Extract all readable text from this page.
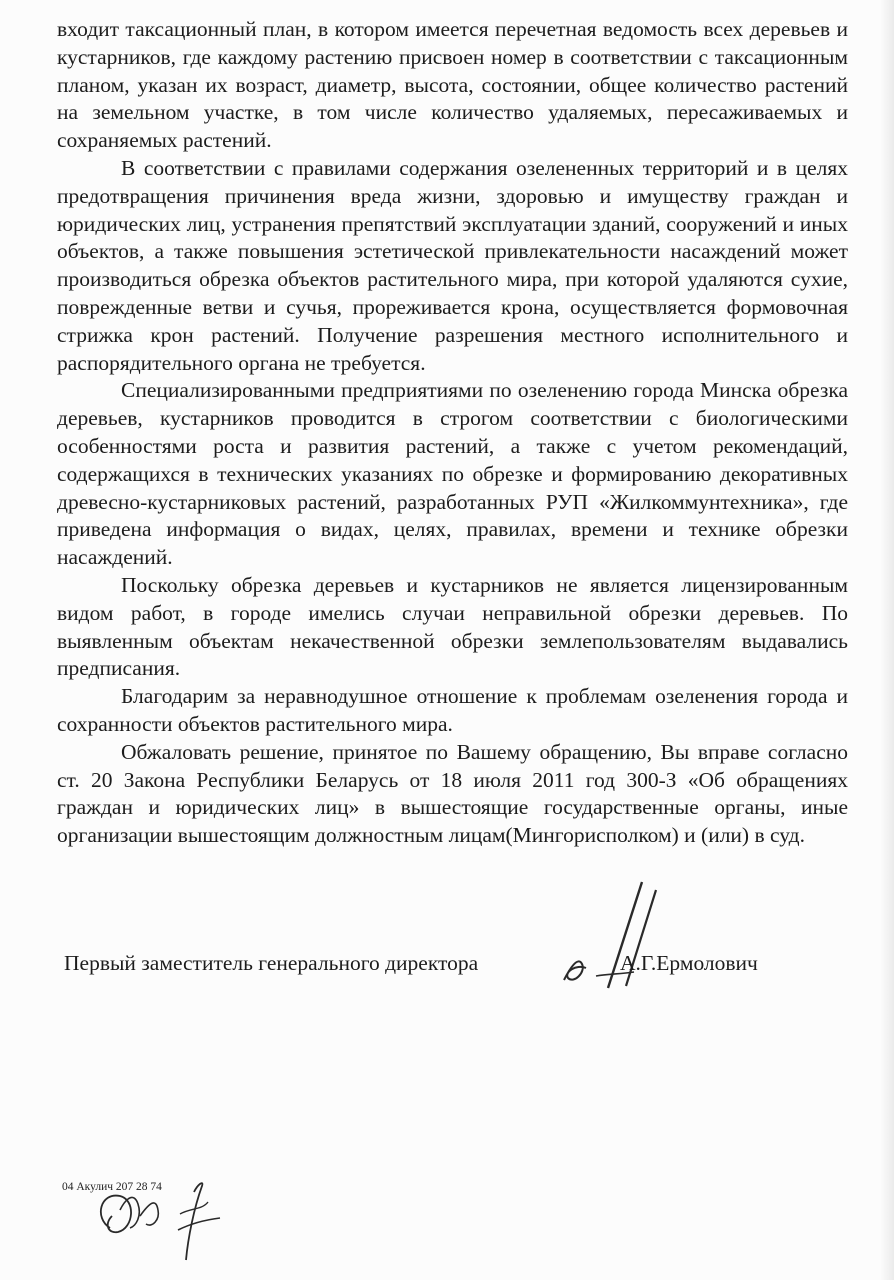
входит таксационный план, в котором имеется перечетная ведомость всех деревьев и кустарников, где каждому растению присвоен номер в соответствии с таксационным планом, указан их возраст, диаметр, высота, состоянии, общее количество растений на земельном участке, в том числе количество удаляемых, пересаживаемых и сохраняемых растений.

В соответствии с правилами содержания озелененных территорий и в целях предотвращения причинения вреда жизни, здоровью и имуществу граждан и юридических лиц, устранения препятствий эксплуатации зданий, сооружений и иных объектов, а также повышения эстетической привлекательности насаждений может производиться обрезка объектов растительного мира, при которой удаляются сухие, поврежденные ветви и сучья, прореживается крона, осуществляется формовочная стрижка крон растений. Получение разрешения местного исполнительного и распорядительного органа не требуется.

Специализированными предприятиями по озеленению города Минска обрезка деревьев, кустарников проводится в строгом соответствии с биологическими особенностями роста и развития растений, а также с учетом рекомендаций, содержащихся в технических указаниях по обрезке и формированию декоративных древесно-кустарниковых растений, разработанных РУП «Жилкоммунтехника», где приведена информация о видах, целях, правилах, времени и технике обрезки насаждений.

Поскольку обрезка деревьев и кустарников не является лицензированным видом работ, в городе имелись случаи неправильной обрезки деревьев. По выявленным объектам некачественной обрезки землепользователям выдавались предписания.

Благодарим за неравнодушное отношение к проблемам озеленения города и сохранности объектов растительного мира.

Обжаловать решение, принятое по Вашему обращению, Вы вправе согласно ст. 20 Закона Республики Беларусь от 18 июля 2011 год 300-З «Об обращениях граждан и юридических лиц» в вышестоящие государственные органы, иные организации вышестоящим должностным лицам(Мингорисполком) и (или) в суд.

Первый заместитель генерального директора	А.Г.Ермолович
04 Акулич 207 28 74
